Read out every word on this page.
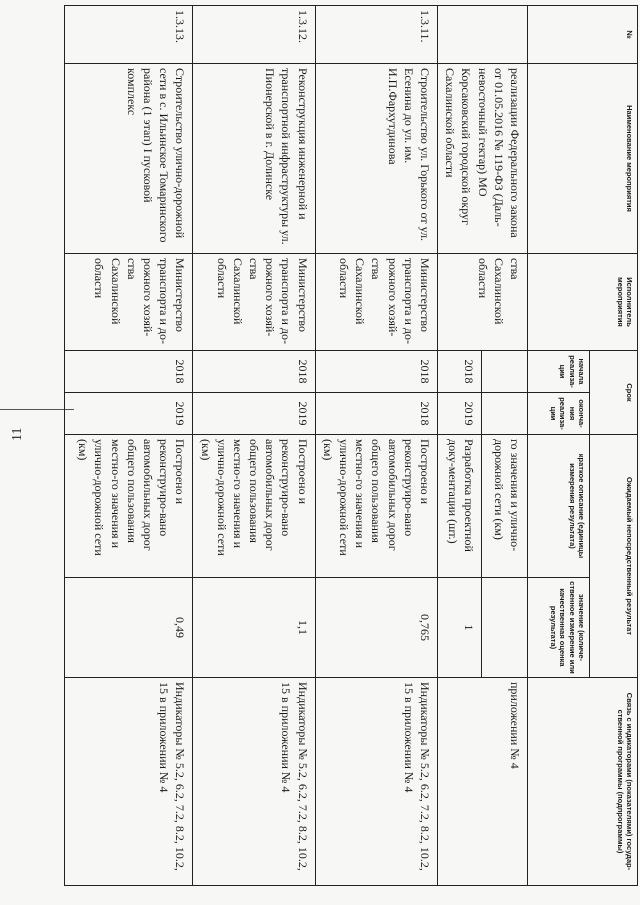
11
№	Наименование мероприятия	Исполнитель мероприятия	Срок		Ожидаемый непосредственный результат		Связь с индикаторами (показателями) государ-ственной программы (подпрограммы)
			начала реализа-ции	оконча-ния реализа-ции	краткое описание (единицы измерения результата)	значение (количе-ственное измерение или качественная оценка результата)	
	реализации Федерального закона от 01.05.2016 № 119-ФЗ (Даль-невосточный гектар) МО Корсаковский городской округ Сахалинской области	ства Сахалинской области			го значения и улично-дорожной сети (км)		приложении № 4
			2018	2019	Разработка проектной доку-ментации (шт.)	1	
1.3.11.	Строительство ул. Горького от ул. Есенина до ул. им. И.П.Фархутдинова	Министерство транспорта и до-рожного хозяй-ства Сахалинской области	2018	2018	Построено и реконструиро-вано автомобильных дорог общего пользования местно-го значения и улично-дорожной сети (км)	0,765	Индикаторы № 5.2, 6.2, 7.2, 8.2, 10.2, 15 в приложении № 4
1.3.12.	Реконструкция инженерной и транспортной инфраструктуры ул. Пионерской в г. Долинске	Министерство транспорта и до-рожного хозяй-ства Сахалинской области	2018	2019	Построено и реконструиро-вано автомобильных дорог общего пользования местно-го значения и улично-дорожной сети (км)	1,1	Индикаторы № 5.2, 6.2, 7.2, 8.2, 10.2, 15 в приложении № 4
1.3.13.	Строительство улично-дорожной сети в с. Ильинское Томаринского района (1 этап) I пусковой комплекс	Министерство транспорта и до-рожного хозяй-ства Сахалинской области	2018	2019	Построено и реконструиро-вано автомобильных дорог общего пользования местно-го значения и улично-дорожной сети (км)	0,49	Индикаторы № 5.2, 6.2, 7.2, 8.2, 10.2, 15 в приложении № 4
